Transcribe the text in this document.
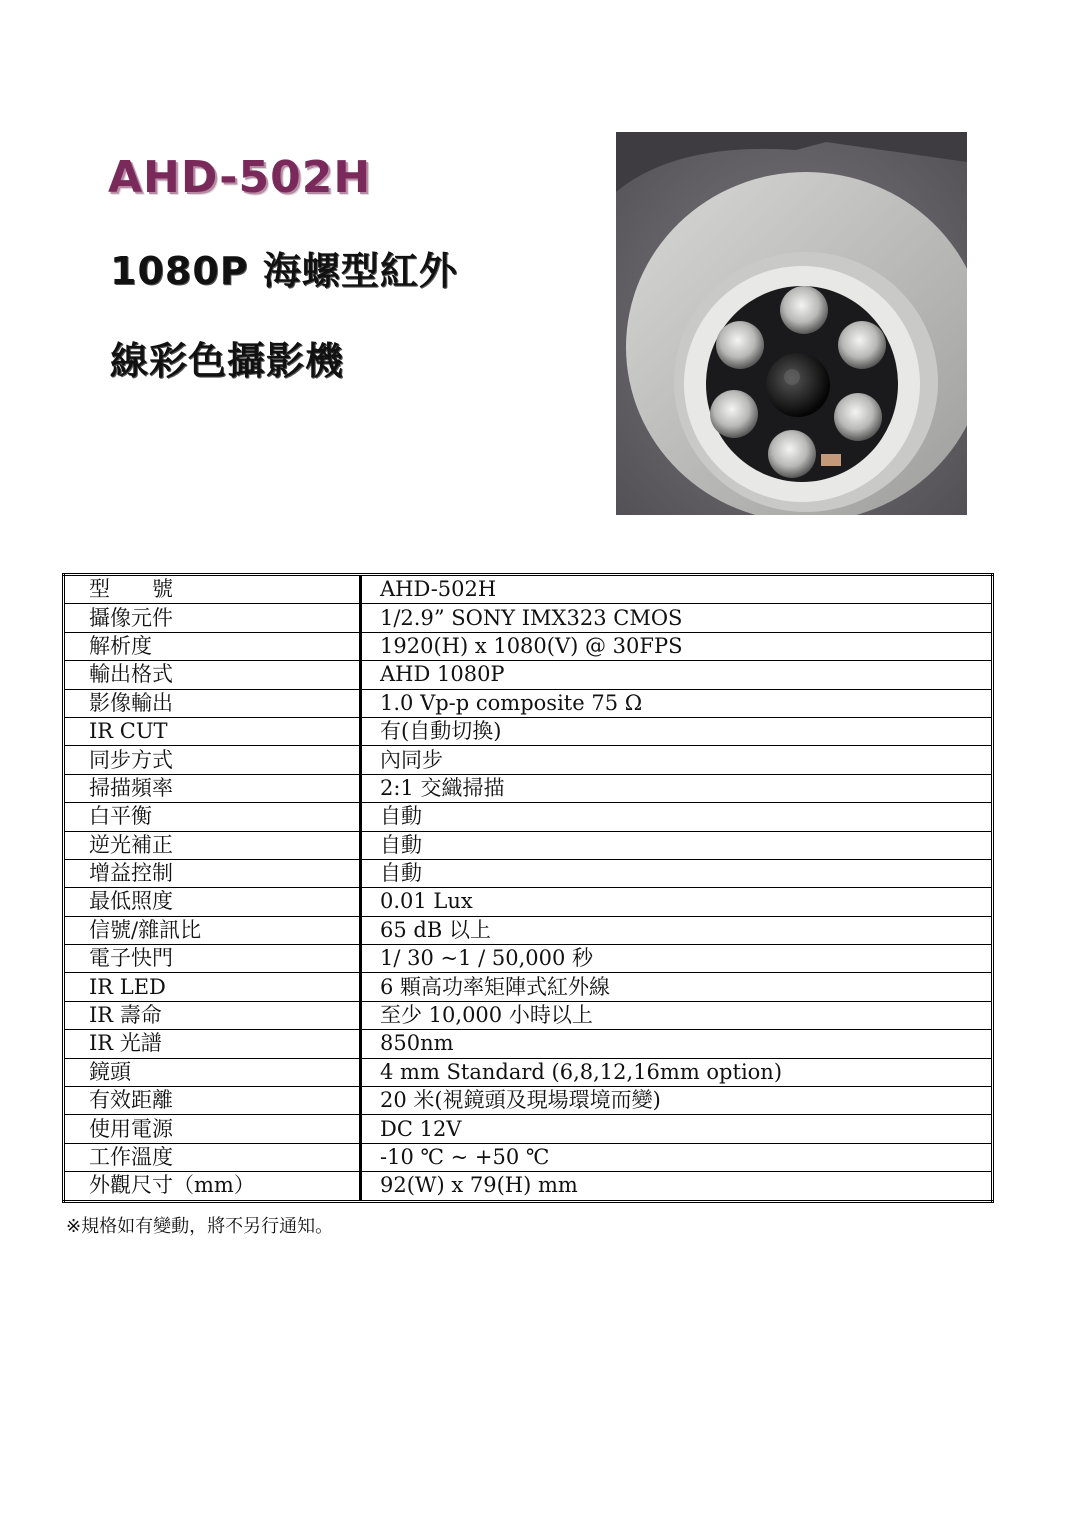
AHD-502H
1080P 海螺型紅外
線彩色攝影機
型　　號	AHD-502H
攝像元件	1/2.9” SONY IMX323 CMOS
解析度	1920(H) x 1080(V) @ 30FPS
輸出格式	AHD 1080P
影像輸出	1.0 Vp-p composite 75 Ω
IR CUT	有(自動切換)
同步方式	內同步
掃描頻率	2:1 交織掃描
白平衡	自動
逆光補正	自動
增益控制	自動
最低照度	0.01 Lux
信號/雜訊比	65 dB 以上
電子快門	1/ 30 ~1 / 50,000 秒
IR LED	6 顆高功率矩陣式紅外線
IR 壽命	至少 10,000 小時以上
IR 光譜	850nm
鏡頭	4 mm Standard (6,8,12,16mm option)
有效距離	20 米(視鏡頭及現場環境而變)
使用電源	DC 12V
工作溫度	-10 ℃ ~ +50 ℃
外觀尺寸（mm）	92(W) x 79(H) mm
※規格如有變動，將不另行通知。
